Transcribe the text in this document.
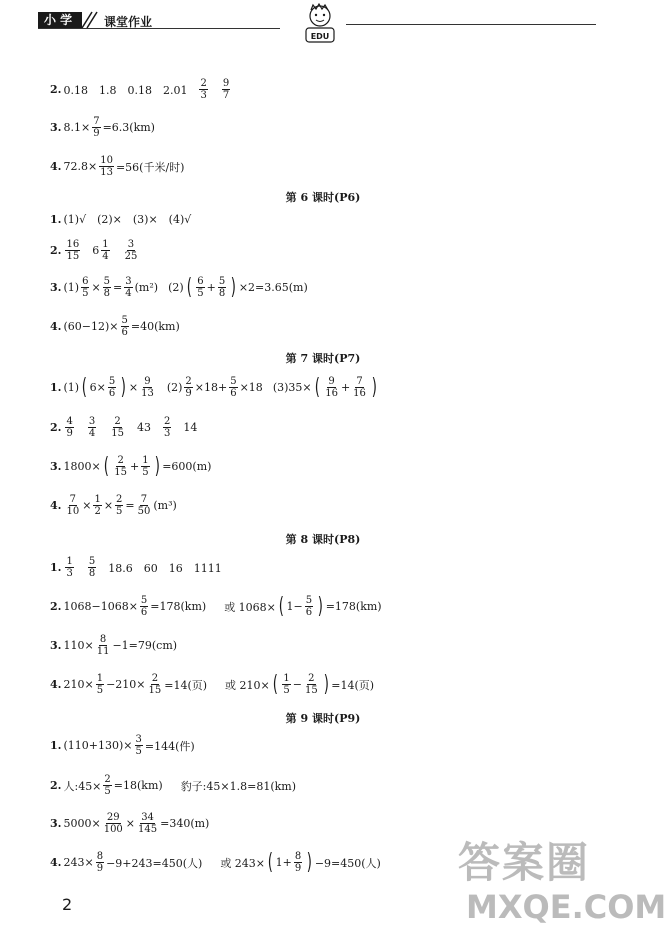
小 学	课堂作业
EDU
2. 0.18　1.8　0.18　2.01 2
3
9
7
3. $8.1\times \frac{7}{9} =6.3(km)$
4. $72.8\times \frac{10}{13} =56$(千米/时)
第 6 课时(P6)
1. (1)√　(2)×　(3)×　(4)√
2. 16
15 6 1
4
3
25
3. $(1) \frac{6}{5} \times \frac{5}{8} = \frac{3}{4} (m^2)$ (2) ( 6
$5 + \frac{5}{8}$ ) ×2=3.65(m)
4. $(60-12)\times \frac{5}{6} =40(km)$
第 7 课时(P7)
1. (1) ( $6\times \frac{5}{6}$ ) × $\frac{9}{13} (2) \frac{2}{9} \times 18+ \frac{5}{6} \times 18$ (3)35× ( 9
$16 + \frac{7}{16}$ )
2. 4
9
3
4
2
15 43 2
3 14
3. 1800× ( 2
$15 + \frac{1}{5}$ ) =600(m)
4. $\frac{7}{10} \times \frac{1}{2} \times \frac{2}{5} = \frac{7}{50} (m^3)$
第 8 课时(P8)
1. 1
3
5
8 18.6　60　16　1111
2. $1068-1068\times \frac{5}{6} =178(km)$ 或 1068× ( $1- \frac{5}{6}$ ) =178(km)
3. $110\times \frac{8}{11} -1=79(cm)$
4. $210\times \frac{1}{5} -210\times \frac{2}{15} =14$(页) 或 210× ( 1
$5 - \frac{2}{15}$ ) =14(页)
第 9 课时(P9)
1. $(110+130)\times \frac{3}{5} =144$(件)
2. 人:45× $\frac{2}{5} =18(km)$ 豹子:45×1.8=81(km)
3. $5000\times \frac{29}{100} \times \frac{34}{145} =340(m)$
4. $243\times \frac{8}{9} -9+243=450$(人) 或 243× ( $1+ \frac{8}{9}$ ) −9=450(人)
2
答案圈
MXQE.COM
